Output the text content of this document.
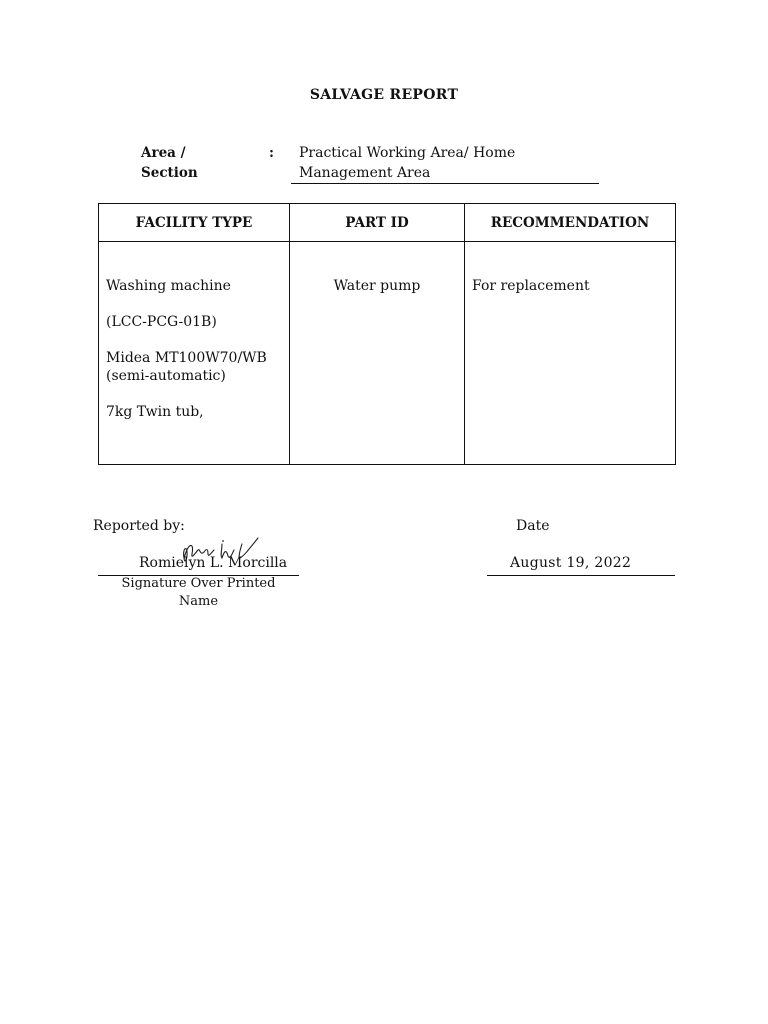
SALVAGE REPORT
Area /
Section
: Practical Working Area/ Home
Management Area
FACILITY TYPE	PART ID	RECOMMENDATION

Washing machine

(LCC-PCG-01B)

Midea MT100W70/WB
(semi-automatic)

7kg Twin tub,	Water pump	For replacement
Reported by:	Date
Romielyn L. Morcilla	August 19, 2022
Signature Over Printed
Name
